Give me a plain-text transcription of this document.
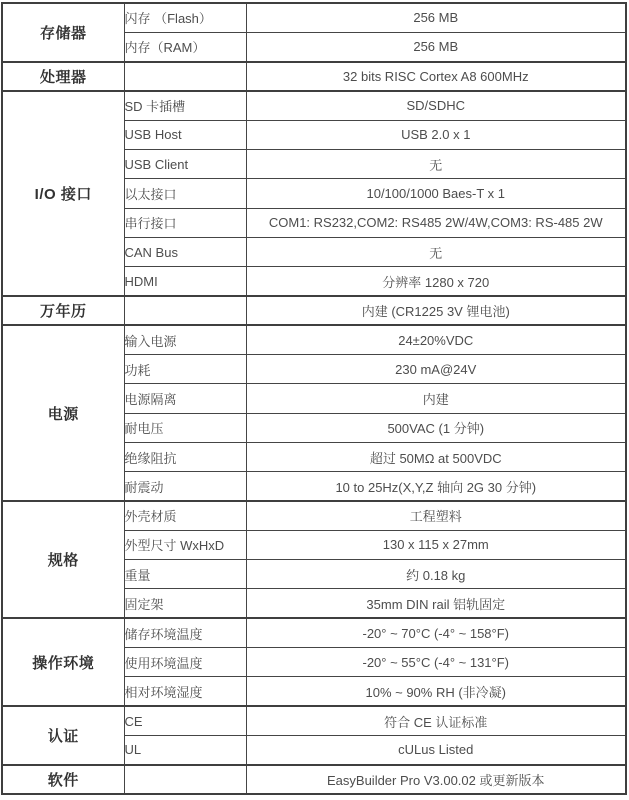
存储器	闪存 （Flash）	256 MB
	内存（RAM）	256 MB
处理器		32 bits RISC Cortex A8 600MHz
I/O 接口	SD 卡插槽	SD/SDHC
	USB Host	USB 2.0 x 1
	USB Client	无
	以太接口	10/100/1000 Baes-T x 1
	串行接口	COM1: RS232,COM2: RS485 2W/4W,COM3: RS-485 2W
	CAN Bus	无
	HDMI	分辨率 1280 x 720
万年历		内建 (CR1225 3V 锂电池)
电源	输入电源	24±20%VDC
	功耗	230 mA@24V
	电源隔离	内建
	耐电压	500VAC (1 分钟)
	绝缘阻抗	超过 50MΩ at 500VDC
	耐震动	10 to 25Hz(X,Y,Z 轴向 2G 30 分钟)
规格	外壳材质	工程塑料
	外型尺寸 WxHxD	130 x 115 x 27mm
	重量	约 0.18 kg
	固定架	35mm DIN rail 铝轨固定
操作环境	储存环境温度	-20° ~ 70°C (-4° ~ 158°F)
	使用环境温度	-20° ~ 55°C (-4° ~ 131°F)
	相对环境湿度	10% ~ 90% RH (非冷凝)
认证	CE	符合 CE 认证标准
	UL	cULus Listed
软件		EasyBuilder Pro V3.00.02 或更新版本
